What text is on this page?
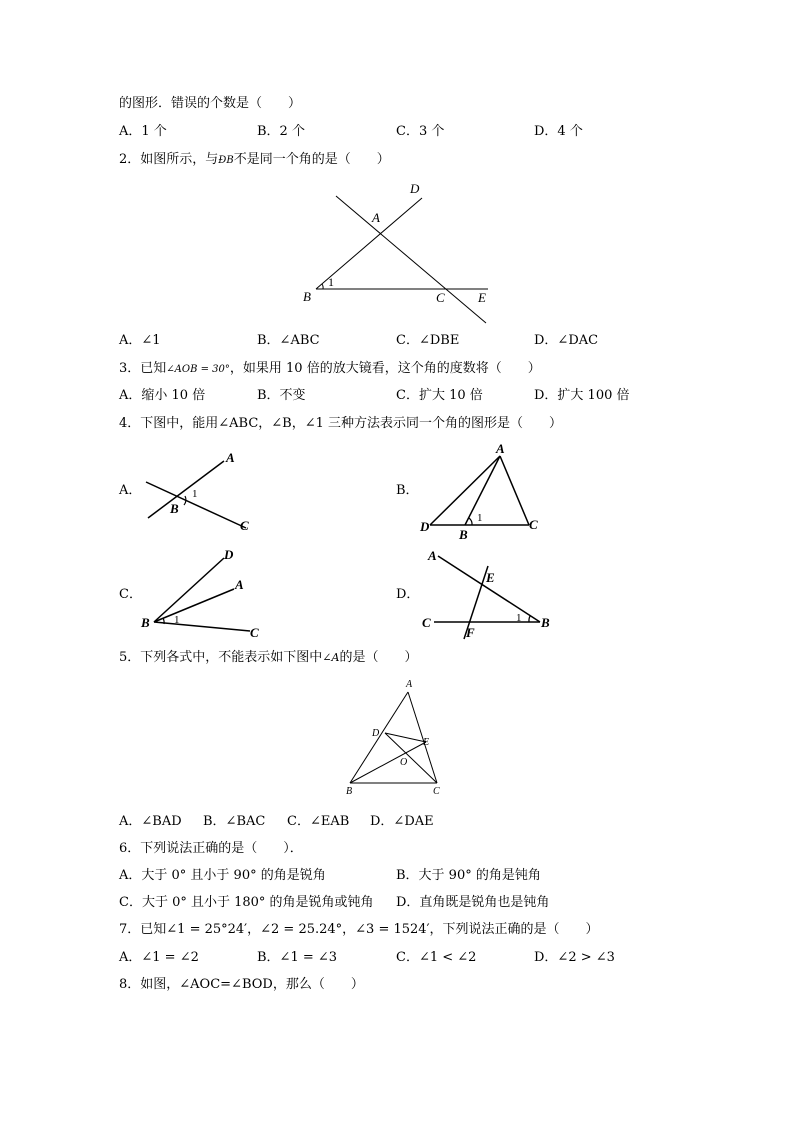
的图形．错误的个数是（　　）
A．1 个	B．2 个	C．3 个	D．4 个
2．如图所示，与ÐB不是同一个角的是（　　）
D
A
1
B	C	E
A．∠1	B．∠ABC	C．∠DBE	D．∠DAC
3．已知∠AOB = 30°，如果用 10 倍的放大镜看，这个角的度数将（　　）
A．缩小 10 倍	B．不变	C．扩大 10 倍	D．扩大 100 倍
4．下图中，能用∠ABC，∠B，∠1 三种方法表示同一个角的图形是（　　）
A．
A
1
B
C
B．
A
1
D
B
C
C．
D
A
B 1
C
D．
A
E
C	1 B
F
5．下列各式中，不能表示如下图中∠A的是（　　）
A
D
E
O
B	C
A．∠BAD B．∠BAC C．∠EAB D．∠DAE
6．下列说法正确的是（　　）．
A．大于 0° 且小于 90° 的角是锐角	B．大于 90° 的角是钝角
C．大于 0° 且小于 180° 的角是锐角或钝角 D．直角既是锐角也是钝角
7．已知∠1 = 25°24′，∠2 = 25.24°，∠3 = 1524′，下列说法正确的是（　　）
A．∠1 = ∠2	B．∠1 = ∠3	C．∠1 < ∠2	D．∠2 > ∠3
8．如图，∠AOC=∠BOD，那么（　　）
